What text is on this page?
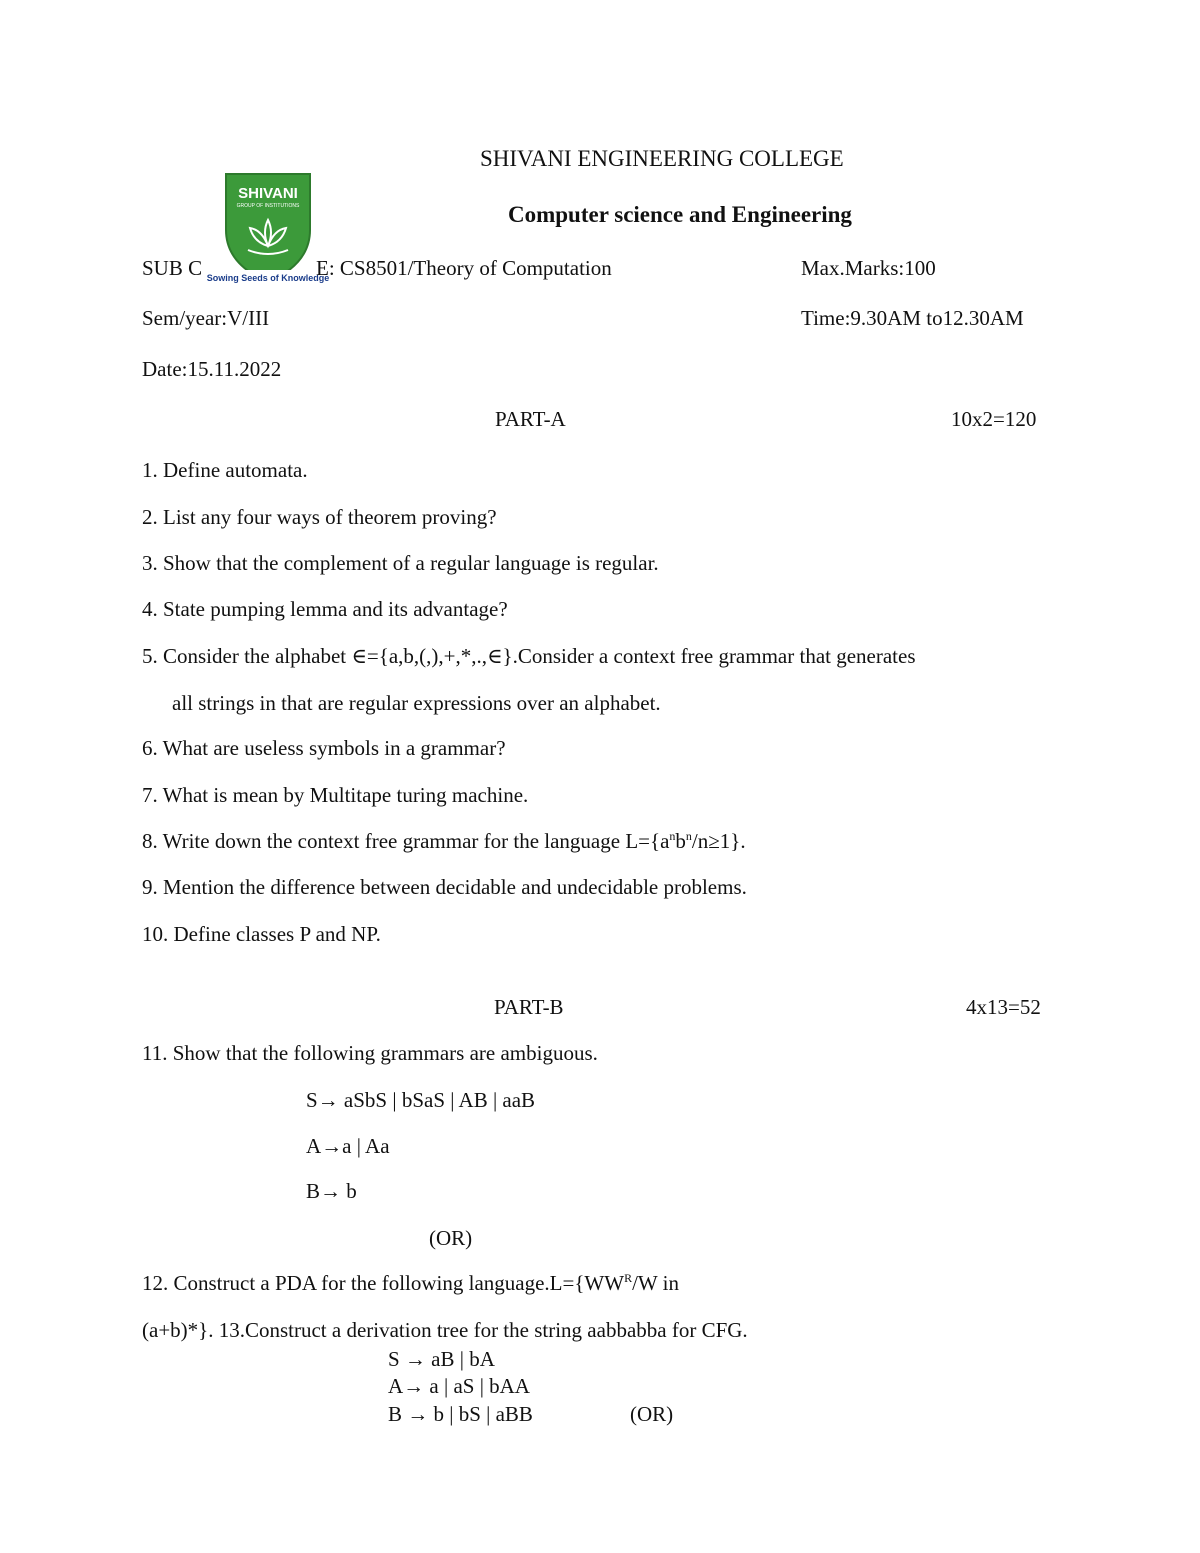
SHIVANI
GROUP OF INSTITUTIONS
Sowing Seeds of Knowledge
SHIVANI ENGINEERING COLLEGE
Computer science and Engineering
SUB C	E: CS8501/Theory of Computation	Max.Marks:100
Sem/year:V/III	Time:9.30AM to12.30AM
Date:15.11.2022
PART-A	10x2=120
1. Define automata.
2. List any four ways of theorem proving?
3. Show that the complement of a regular language is regular.
4. State pumping lemma and its advantage?
5. Consider the alphabet ∈={a,b,(,),+,*,.,∈}.Consider a context free grammar that generates
all strings in that are regular expressions over an alphabet.
6. What are useless symbols in a grammar?
7. What is mean by Multitape turing machine.
8. Write down the context free grammar for the language $L=\{a^nb^n/n\ge 1\}$.
9. Mention the difference between decidable and undecidable problems.
10. Define classes P and NP.
PART-B	4x13=52
11. Show that the following grammars are ambiguous.
S→ aSbS | bSaS | AB | aaB
A→a | Aa
B→ b
(OR)
12. Construct a PDA for the following $language.L=\{WW^R/W$ in
(a+b)*}. 13.Construct a derivation tree for the string aabbabba for CFG.
S → aB | bA
A→ a | aS | bAA
B → b | bS | aBB	(OR)
